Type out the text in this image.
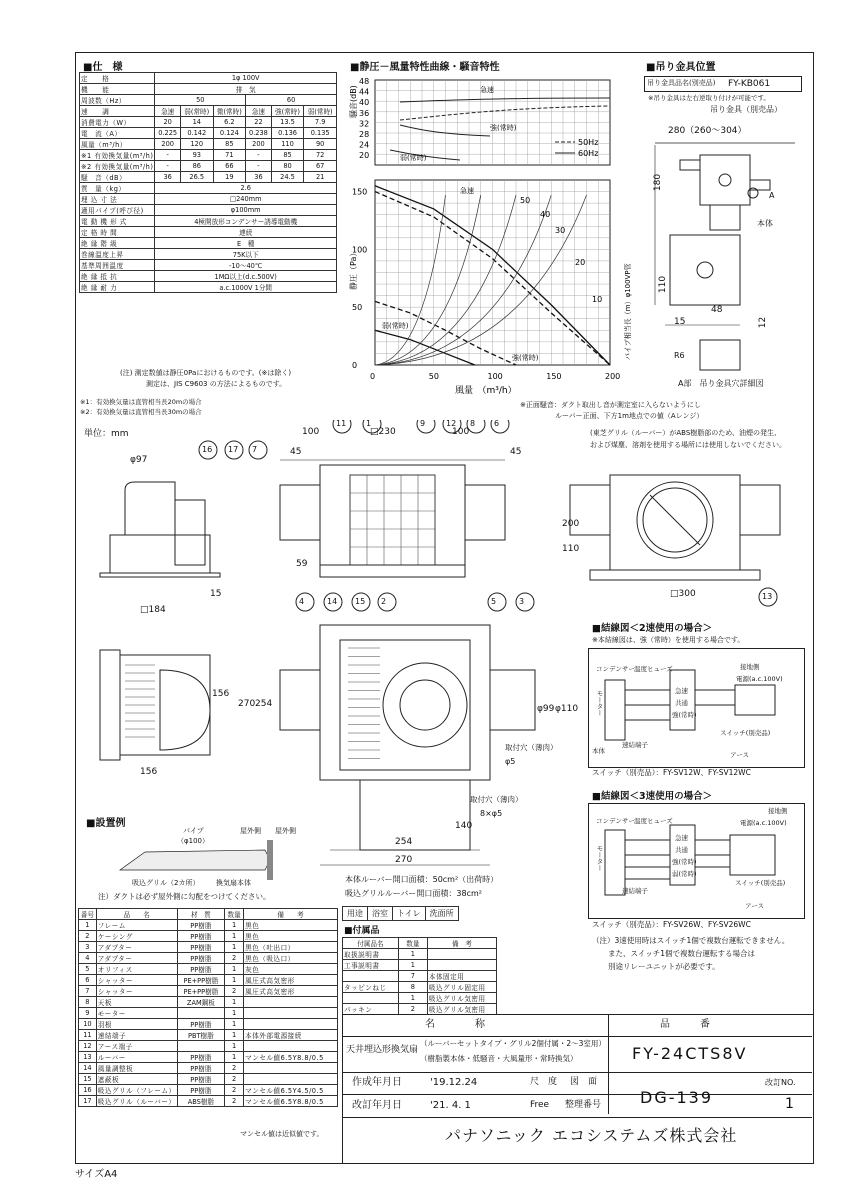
■仕　様
定　　格	1φ 100V					
機　　能	排　気					
周波数（Hz）	50			60		
速　　調	急速	弱(常時)	微(常時)	急速	強(常時)	弱(常時)
消費電力（W）	20	14	6.2	22	13.5	7.9
電　流（A）	0.225	0.142	0.124	0.238	0.136	0.135
風量（m³/h）	200	120	85	200	110	90
※1 有効換気量(m³/h)	-	93	71	-	85	72
※2 有効換気量(m³/h)	-	86	66	-	80	67
騒　音（dB）	36	26.5	19	36	24.5	21
質　量（kg）	2.6					
埋 込 寸 法	□240mm					
適用パイプ(呼び径)	φ100mm					
電 動 機 形 式	4極開放形コンデンサー誘導電動機					
定 格 時 間	連続					
絶 縁 階 級	E　種					
巻線温度上昇	75K以下					
基準周囲温度	-10〜40℃					
絶 縁 抵 抗	1MΩ以上(d.c.500V)					
絶 縁 耐 力	a.c.1000V 1分間					
(注) 測定数値は静圧0Paにおけるものです。(※は除く)
測定は、JIS C9603 の方法によるものです。
※1：有効換気量は直管相当長20mの場合
※2：有効換気量は直管相当長30mの場合
■静圧－風量特性曲線・騒音特性
48
44
40
36
32
28
24
20
50Hz
60Hz
急速
強(常時)
弱(常時)
騒音(dB)
150
100
50
0
0	50	100	150	200
50
40
30
20
10
弱(常時)
強(常時)
急速
静圧（Pa）
風量　（m³/h）
パイプ相当長（m）φ100VP管
※正面騒音：ダクト取出し音が測定室に入らないようにし
ルーバー正面、下方1m地点での値（Aレンジ）
■吊り金具位置
吊り金具品名(別売品) FY-KB061
※吊り金具は左右逆取り付けが可能です。
吊り金具（別売品）
280（260〜304）
180
A
本体
110
48
15	12
R6
A部　吊り金具穴詳細図
単位：mm	(東芝グリル（ルーバー）がABS樹脂部のため、油煙の発生、
および煤塵、溶剤を使用する場所には使用しないでください。
100	□230	100
45	45
φ97
□184
15
59
200
110
□300
156
156
254
270	φ99 φ110
140
254
270
取付穴（薄肉）
φ5
取付穴（薄肉）
8×φ5
本体ルーバー開口面積：50cm²（出荷時）
吸込グリルルーバー開口面積：38cm²
11 1	9	12 8 6
16 17 7
4	14 15 2	5	3
13
■設置例
パイプ
（φ100）
屋外側 屋外側
吸込グリル（2カ所） 換気扇本体
注）ダクトは必ず屋外側に勾配をつけてください。
■結線図＜2速使用の場合＞
※本結線図は、強（常時）を使用する場合です。
コンデンサー 温度ヒューズ
急速
共通
強(常時)
モーター
速結端子
本体
接地側
電源(a.c.100V)
スイッチ(別売品)
アース
スイッチ（別売品）：FY-SV12W、FY-SV12WC
■結線図＜3速使用の場合＞
コンデンサー 温度ヒューズ
急速
共通
強(常時)
弱(常時)
モーター
速結端子
接地側
電源(a.c.100V)
スイッチ(別売品)
アース
スイッチ（別売品）：FY-SV26W、FY-SV26WC
（注）3速使用時はスイッチ1個で複数台運転できません。
また、スイッチ1個で複数台運転する場合は
別途リレーユニットが必要です。
番号	品　　名	材　質	数量	備　　考
1	フレーム	PP樹脂	1	黒色
2	ケーシング	PP樹脂	1	黒色
3	アダプター	PP樹脂	1	黒色（吐出口）
4	アダプター	PP樹脂	2	黒色（吸込口）
5	オリフィス	PP樹脂	1	灰色
6	シャッター	PE+PP樹脂	1	風圧式高気密形
7	シャッター	PE+PP樹脂	2	風圧式高気密形
8	天板	ZAM鋼板	1	
9	モーター		1	
10	羽根	PP樹脂	1	
11	速結端子	PBT樹脂	1	本体外部電源接続
12	アース端子		1	
13	ルーバー	PP樹脂	1	マンセル値6.5Y8.8/0.5
14	風量調整板	PP樹脂	2	
15	遮蔽板	PP樹脂	2	
16	吸込グリル（フレーム）	PP樹脂	2	マンセル値6.5Y4.5/0.5
17	吸込グリル（ルーバー）	ABS樹脂	2	マンセル値6.5Y8.8/0.5
マンセル値は近似値です。
用途	浴室	トイレ	洗面所
■付属品
付属品名	数量	備　考
取扱説明書	1	
工事説明書	1	
	7	本体固定用
タッピンねじ	8	吸込グリル固定用
	1	吸込グリル気密用
パッキン	2	吸込グリル気密用
名　　　　称	品　　　番
天井埋込形換気扇
（ルーバーセットタイプ・グリル2個付属・2〜3室用）
（樹脂製本体・低騒音・大風量形・常時換気）	FY-24CTS8V
作成年月日	'19.12.24	尺　度 図　面
改訂年月日	'21. 4. 1	Free 整理番号 DG-139
改訂NO.
1
パナソニック エコシステムズ株式会社
サイズA4
